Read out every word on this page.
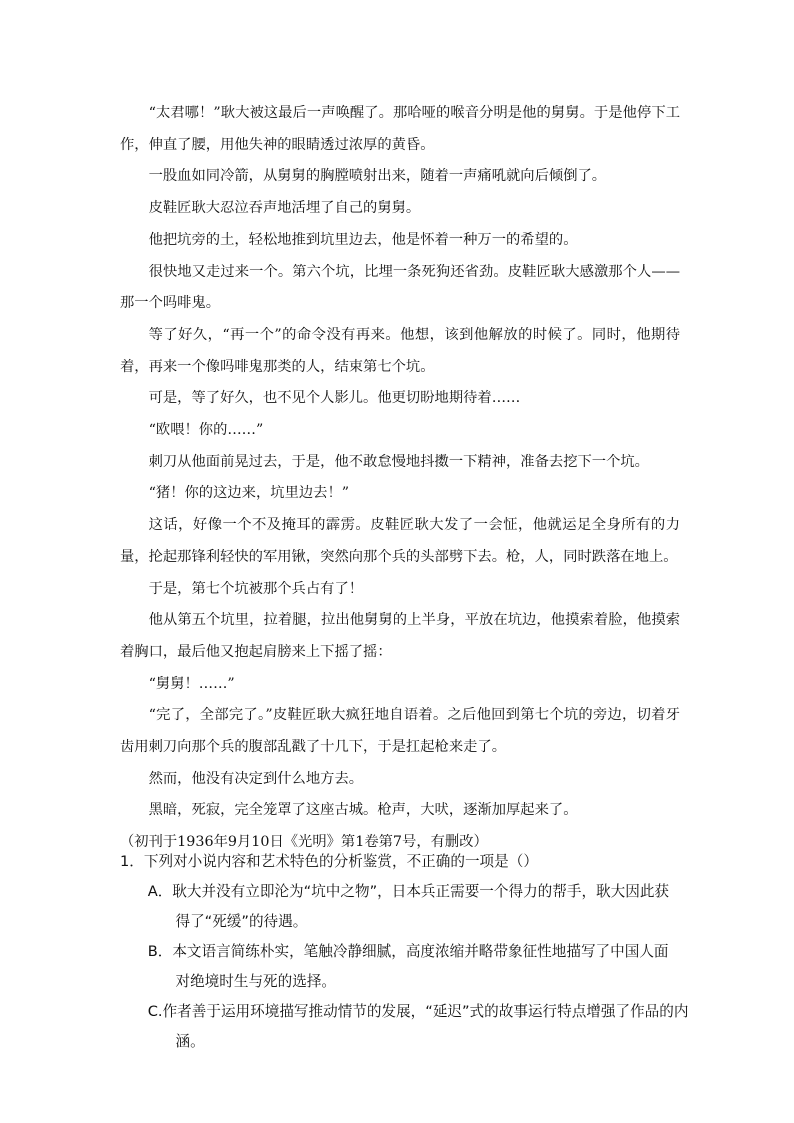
“太君哪！”耿大被这最后一声唤醒了。那哈哑的喉音分明是他的舅舅。于是他停下工作，伸直了腰，用他失神的眼睛透过浓厚的黄昏。

一股血如同冷箭，从舅舅的胸膛喷射出来，随着一声痛吼就向后倾倒了。

皮鞋匠耿大忍泣吞声地活埋了自己的舅舅。

他把坑旁的土，轻松地推到坑里边去，他是怀着一种万一的希望的。

很快地又走过来一个。第六个坑，比埋一条死狗还省劲。皮鞋匠耿大感激那个人——那一个吗啡鬼。

等了好久，“再一个”的命令没有再来。他想，该到他解放的时候了。同时，他期待着，再来一个像吗啡鬼那类的人，结束第七个坑。

可是，等了好久，也不见个人影儿。他更切盼地期待着……

“欧喂！你的……”

刺刀从他面前晃过去，于是，他不敢怠慢地抖擞一下精神，准备去挖下一个坑。

“猪！你的这边来，坑里边去！”

这话，好像一个不及掩耳的霹雳。皮鞋匠耿大发了一会怔，他就运足全身所有的力量，抡起那锋利轻快的军用锹，突然向那个兵的头部劈下去。枪，人，同时跌落在地上。

于是，第七个坑被那个兵占有了！

他从第五个坑里，拉着腿，拉出他舅舅的上半身，平放在坑边，他摸索着脸，他摸索着胸口，最后他又抱起肩膀来上下摇了摇：

“舅舅！……”

“完了，全部完了。”皮鞋匠耿大疯狂地自语着。之后他回到第七个坑的旁边，切着牙齿用刺刀向那个兵的腹部乱戳了十几下，于是扛起枪来走了。

然而，他没有决定到什么地方去。

黑暗，死寂，完全笼罩了这座古城。枪声，大吠，逐渐加厚起来了。

（初刊于1936年9月10日《光明》第1卷第7号，有删改）

1．下列对小说内容和艺术特色的分析鉴赏，不正确的一项是（）

A．耿大并没有立即沦为“坑中之物”，日本兵正需要一个得力的帮手，耿大因此获得了“死缓”的待遇。

B．本文语言简练朴实，笔触冷静细腻，高度浓缩并略带象征性地描写了中国人面对绝境时生与死的选择。

C.作者善于运用环境描写推动情节的发展，“延迟”式的故事运行特点增强了作品的内涵。
